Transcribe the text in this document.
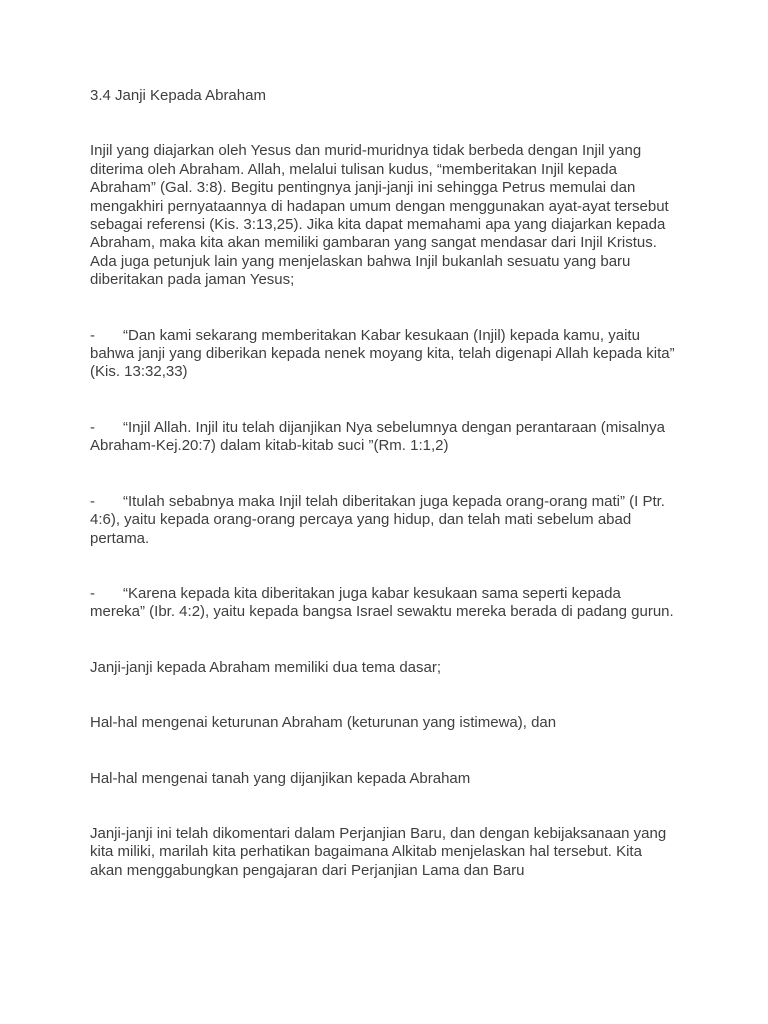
3.4 Janji Kepada Abraham

Injil yang diajarkan oleh Yesus dan murid-muridnya tidak berbeda dengan Injil yang diterima oleh Abraham. Allah, melalui tulisan kudus, “memberitakan Injil kepada Abraham” (Gal. 3:8). Begitu pentingnya janji-janji ini sehingga Petrus memulai dan mengakhiri pernyataannya di hadapan umum dengan menggunakan ayat-ayat tersebut sebagai referensi (Kis. 3:13,25). Jika kita dapat memahami apa yang diajarkan kepada Abraham, maka kita akan memiliki gambaran yang sangat mendasar dari Injil Kristus. Ada juga petunjuk lain yang menjelaskan bahwa Injil bukanlah sesuatu yang baru diberitakan pada jaman Yesus;

- “Dan kami sekarang memberitakan Kabar kesukaan (Injil) kepada kamu, yaitu bahwa janji yang diberikan kepada nenek moyang kita, telah digenapi Allah kepada kita” (Kis. 13:32,33)

- “Injil Allah. Injil itu telah dijanjikan Nya sebelumnya dengan perantaraan (misalnya Abraham-Kej.20:7) dalam kitab-kitab suci ”(Rm. 1:1,2)

- “Itulah sebabnya maka Injil telah diberitakan juga kepada orang-orang mati” (I Ptr. 4:6), yaitu kepada orang-orang percaya yang hidup, dan telah mati sebelum abad pertama.

- “Karena kepada kita diberitakan juga kabar kesukaan sama seperti kepada mereka” (Ibr. 4:2), yaitu kepada bangsa Israel sewaktu mereka berada di padang gurun.

Janji-janji kepada Abraham memiliki dua tema dasar;

Hal-hal mengenai keturunan Abraham (keturunan yang istimewa), dan

Hal-hal mengenai tanah yang dijanjikan kepada Abraham

Janji-janji ini telah dikomentari dalam Perjanjian Baru, dan dengan kebijaksanaan yang kita miliki, marilah kita perhatikan bagaimana Alkitab menjelaskan hal tersebut. Kita akan menggabungkan pengajaran dari Perjanjian Lama dan Baru
